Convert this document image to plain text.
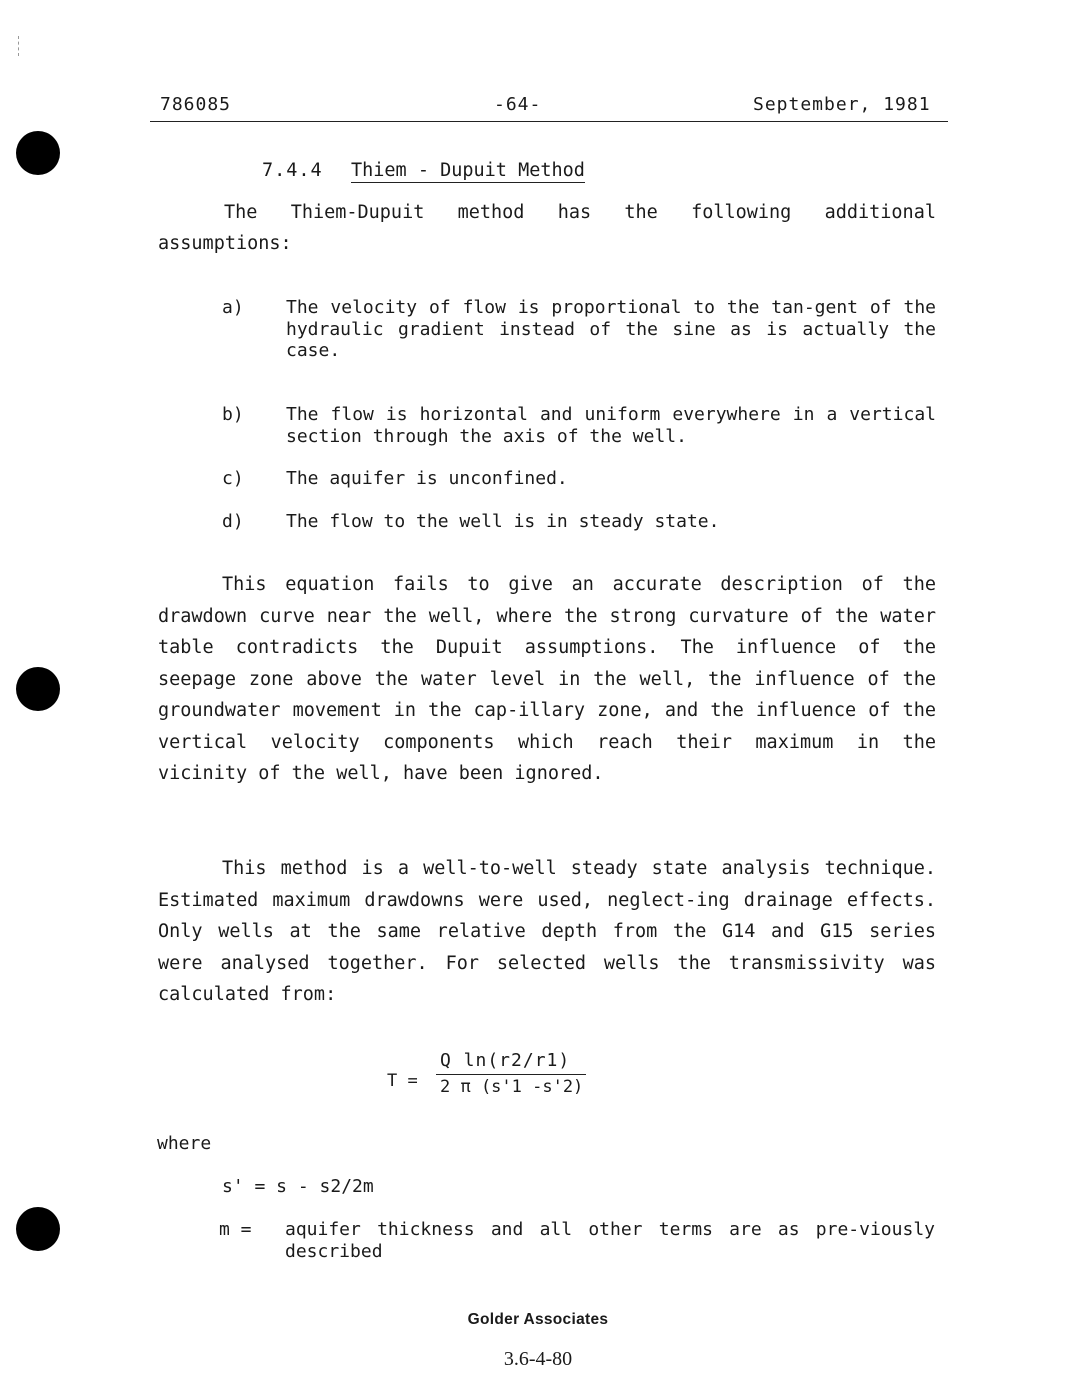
786085	-64-	September, 1981
7.4.4 Thiem - Dupuit Method
The Thiem-Dupuit method has the following additional
assumptions:
a) The velocity of flow is proportional to the tan-gent of the hydraulic gradient instead of the sine as is actually the case.
b) The flow is horizontal and uniform everywhere in a vertical section through the axis of the well.
c) The aquifer is unconfined.
d) The flow to the well is in steady state.
This equation fails to give an accurate description of the drawdown curve near the well, where the strong curvature of the water table contradicts the Dupuit assumptions. The influence of the seepage zone above the water level in the well, the influence of the groundwater movement in the cap-illary zone, and the influence of the vertical velocity components which reach their maximum in the vicinity of the well, have been ignored.
This method is a well-to-well steady state analysis technique. Estimated maximum drawdowns were used, neglect-ing drainage effects. Only wells at the same relative depth from the G14 and G15 series were analysed together. For selected wells the transmissivity was calculated from:
T =
Q ln(r2/r1)
2 π (s'1 -s'2)
where
s' = s - s2/2m
m = aquifer thickness and all other terms are as pre-viously described
Golder Associates
3.6-4-80
